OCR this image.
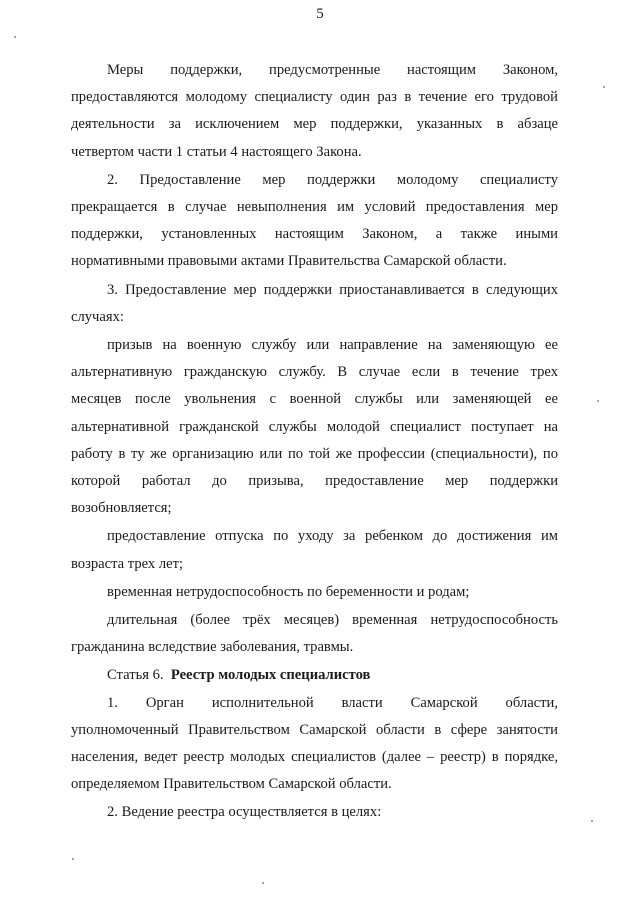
5
Меры поддержки, предусмотренные настоящим Законом,
предоставляются молодому специалисту один раз в течение его трудовой
деятельности за исключением мер поддержки, указанных в абзаце
четвертом части 1 статьи 4 настоящего Закона.
2. Предоставление мер поддержки молодому специалисту
прекращается в случае невыполнения им условий предоставления мер
поддержки, установленных настоящим Законом, а также иными
нормативными правовыми актами Правительства Самарской области.
3. Предоставление мер поддержки приостанавливается в следующих
случаях:
призыв на военную службу или направление на заменяющую ее
альтернативную гражданскую службу. В случае если в течение трех
месяцев после увольнения с военной службы или заменяющей ее
альтернативной гражданской службы молодой специалист поступает на
работу в ту же организацию или по той же профессии (специальности), по
которой работал до призыва, предоставление мер поддержки
возобновляется;
предоставление отпуска по уходу за ребенком до достижения им
возраста трех лет;
временная нетрудоспособность по беременности и родам;
длительная (более трёх месяцев) временная нетрудоспособность
гражданина вследствие заболевания, травмы.
Статья 6. Реестр молодых специалистов
1. Орган исполнительной власти Самарской области,
уполномоченный Правительством Самарской области в сфере занятости
населения, ведет реестр молодых специалистов (далее – реестр) в порядке,
определяемом Правительством Самарской области.
2. Ведение реестра осуществляется в целях:
